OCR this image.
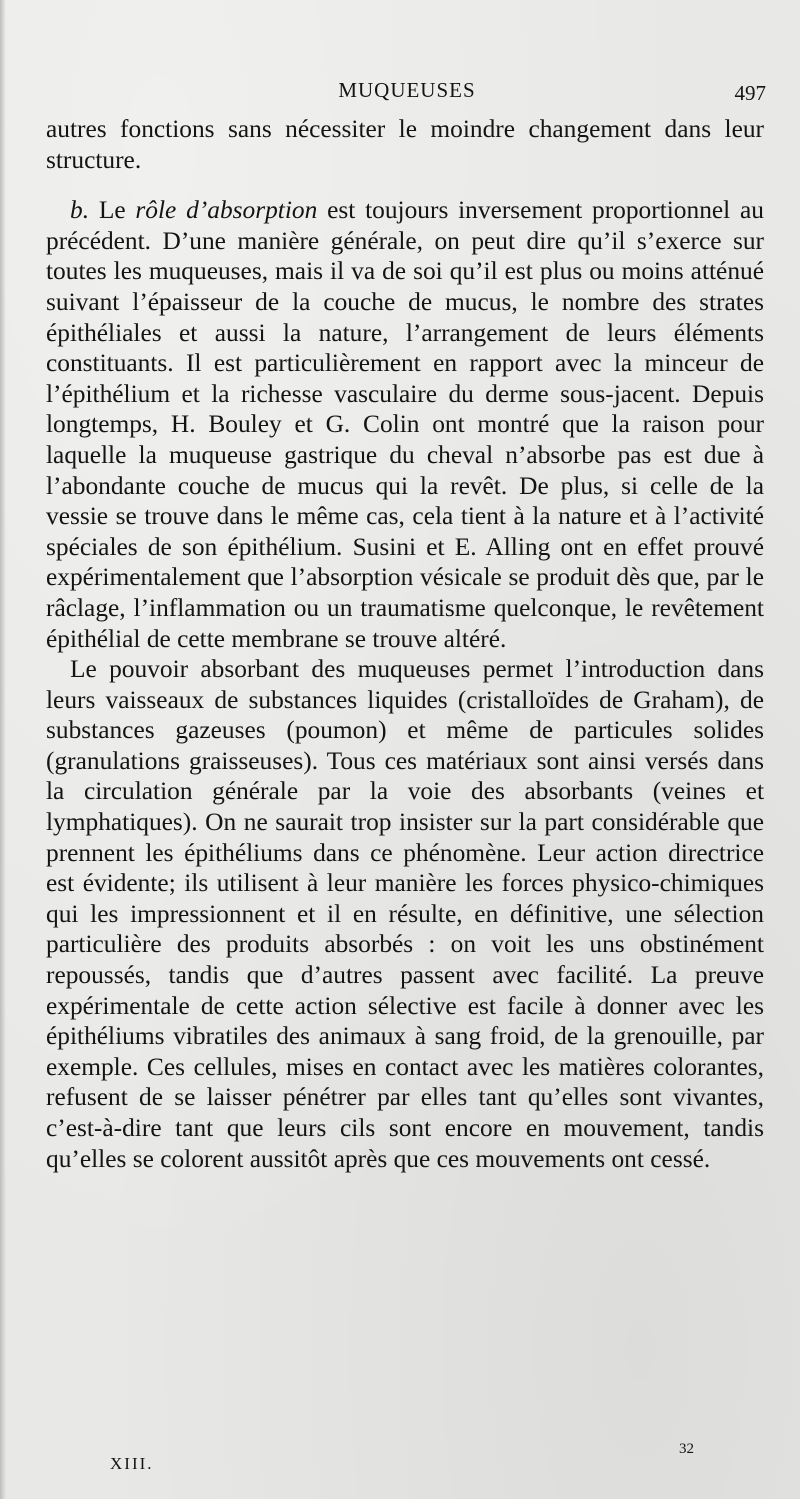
MUQUEUSES	497

autres fonctions sans nécessiter le moindre changement dans leur structure.

b. Le rôle d’absorption est toujours inversement proportionnel au précédent. D’une manière générale, on peut dire qu’il s’exerce sur toutes les muqueuses, mais il va de soi qu’il est plus ou moins atténué suivant l’épaisseur de la couche de mucus, le nombre des strates épithéliales et aussi la nature, l’arrangement de leurs éléments constituants. Il est particulièrement en rapport avec la minceur de l’épithélium et la richesse vasculaire du derme sous-jacent. Depuis longtemps, H. Bouley et G. Colin ont montré que la raison pour laquelle la muqueuse gastrique du cheval n’absorbe pas est due à l’abondante couche de mucus qui la revêt. De plus, si celle de la vessie se trouve dans le même cas, cela tient à la nature et à l’activité spéciales de son épithélium. Susini et E. Alling ont en effet prouvé expérimentalement que l’absorption vésicale se produit dès que, par le râclage, l’inflammation ou un traumatisme quelconque, le revêtement épithélial de cette membrane se trouve altéré.

Le pouvoir absorbant des muqueuses permet l’introduction dans leurs vaisseaux de substances liquides (cristalloïdes de Graham), de substances gazeuses (poumon) et même de particules solides (granulations graisseuses). Tous ces matériaux sont ainsi versés dans la circulation générale par la voie des absorbants (veines et lymphatiques). On ne saurait trop insister sur la part considérable que prennent les épithéliums dans ce phénomène. Leur action directrice est évidente; ils utilisent à leur manière les forces physico-chimiques qui les impressionnent et il en résulte, en définitive, une sélection particulière des produits absorbés : on voit les uns obstinément repoussés, tandis que d’autres passent avec facilité. La preuve expérimentale de cette action sélective est facile à donner avec les épithéliums vibratiles des animaux à sang froid, de la grenouille, par exemple. Ces cellules, mises en contact avec les matières colorantes, refusent de se laisser pénétrer par elles tant qu’elles sont vivantes, c’est-à-dire tant que leurs cils sont encore en mouvement, tandis qu’elles se colorent aussitôt après que ces mouvements ont cessé.

XIII.
32
